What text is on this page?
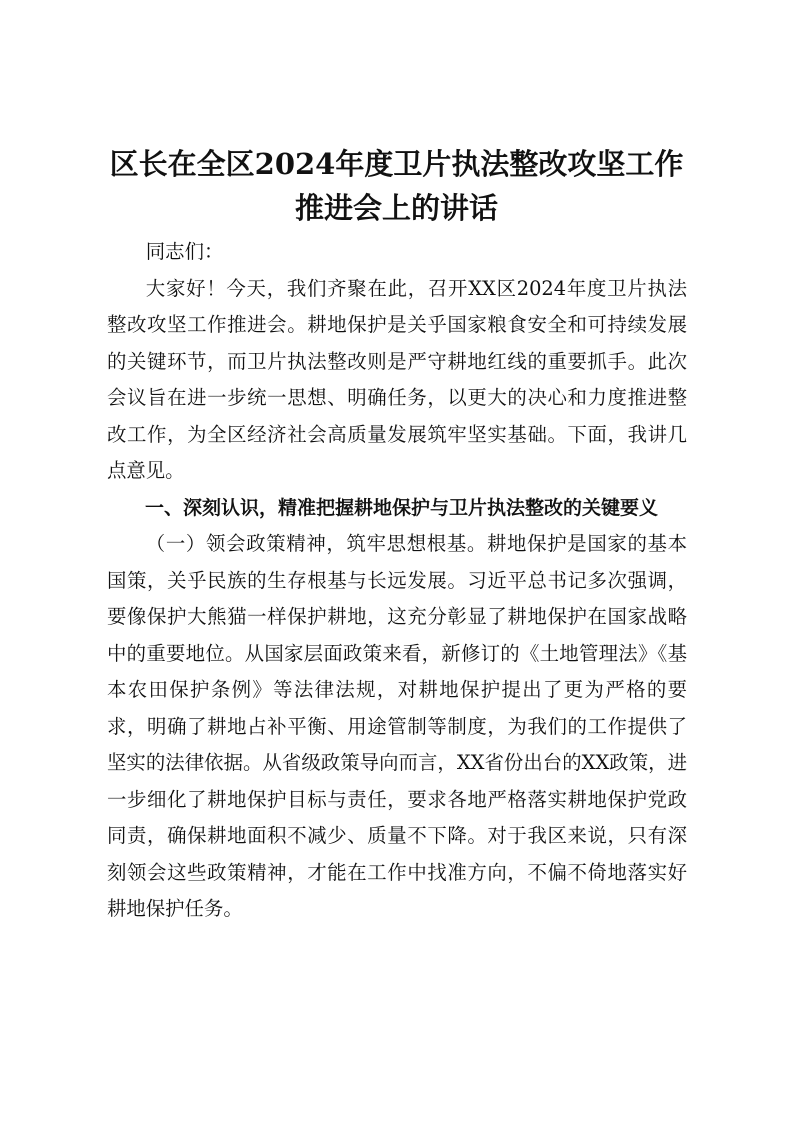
区长在全区2024年度卫片执法整改攻坚工作
推进会上的讲话

同志们：

大家好！今天，我们齐聚在此，召开XX区2024年度卫片执法整改攻坚工作推进会。耕地保护是关乎国家粮食安全和可持续发展的关键环节，而卫片执法整改则是严守耕地红线的重要抓手。此次会议旨在进一步统一思想、明确任务，以更大的决心和力度推进整改工作，为全区经济社会高质量发展筑牢坚实基础。下面，我讲几点意见。

一、深刻认识，精准把握耕地保护与卫片执法整改的关键要义

（一）领会政策精神，筑牢思想根基。耕地保护是国家的基本国策，关乎民族的生存根基与长远发展。习近平总书记多次强调，要像保护大熊猫一样保护耕地，这充分彰显了耕地保护在国家战略中的重要地位。从国家层面政策来看，新修订的《土地管理法》《基本农田保护条例》等法律法规，对耕地保护提出了更为严格的要求，明确了耕地占补平衡、用途管制等制度，为我们的工作提供了坚实的法律依据。从省级政策导向而言，XX省份出台的XX政策，进一步细化了耕地保护目标与责任，要求各地严格落实耕地保护党政同责，确保耕地面积不减少、质量不下降。对于我区来说，只有深刻领会这些政策精神，才能在工作中找准方向，不偏不倚地落实好耕地保护任务。
